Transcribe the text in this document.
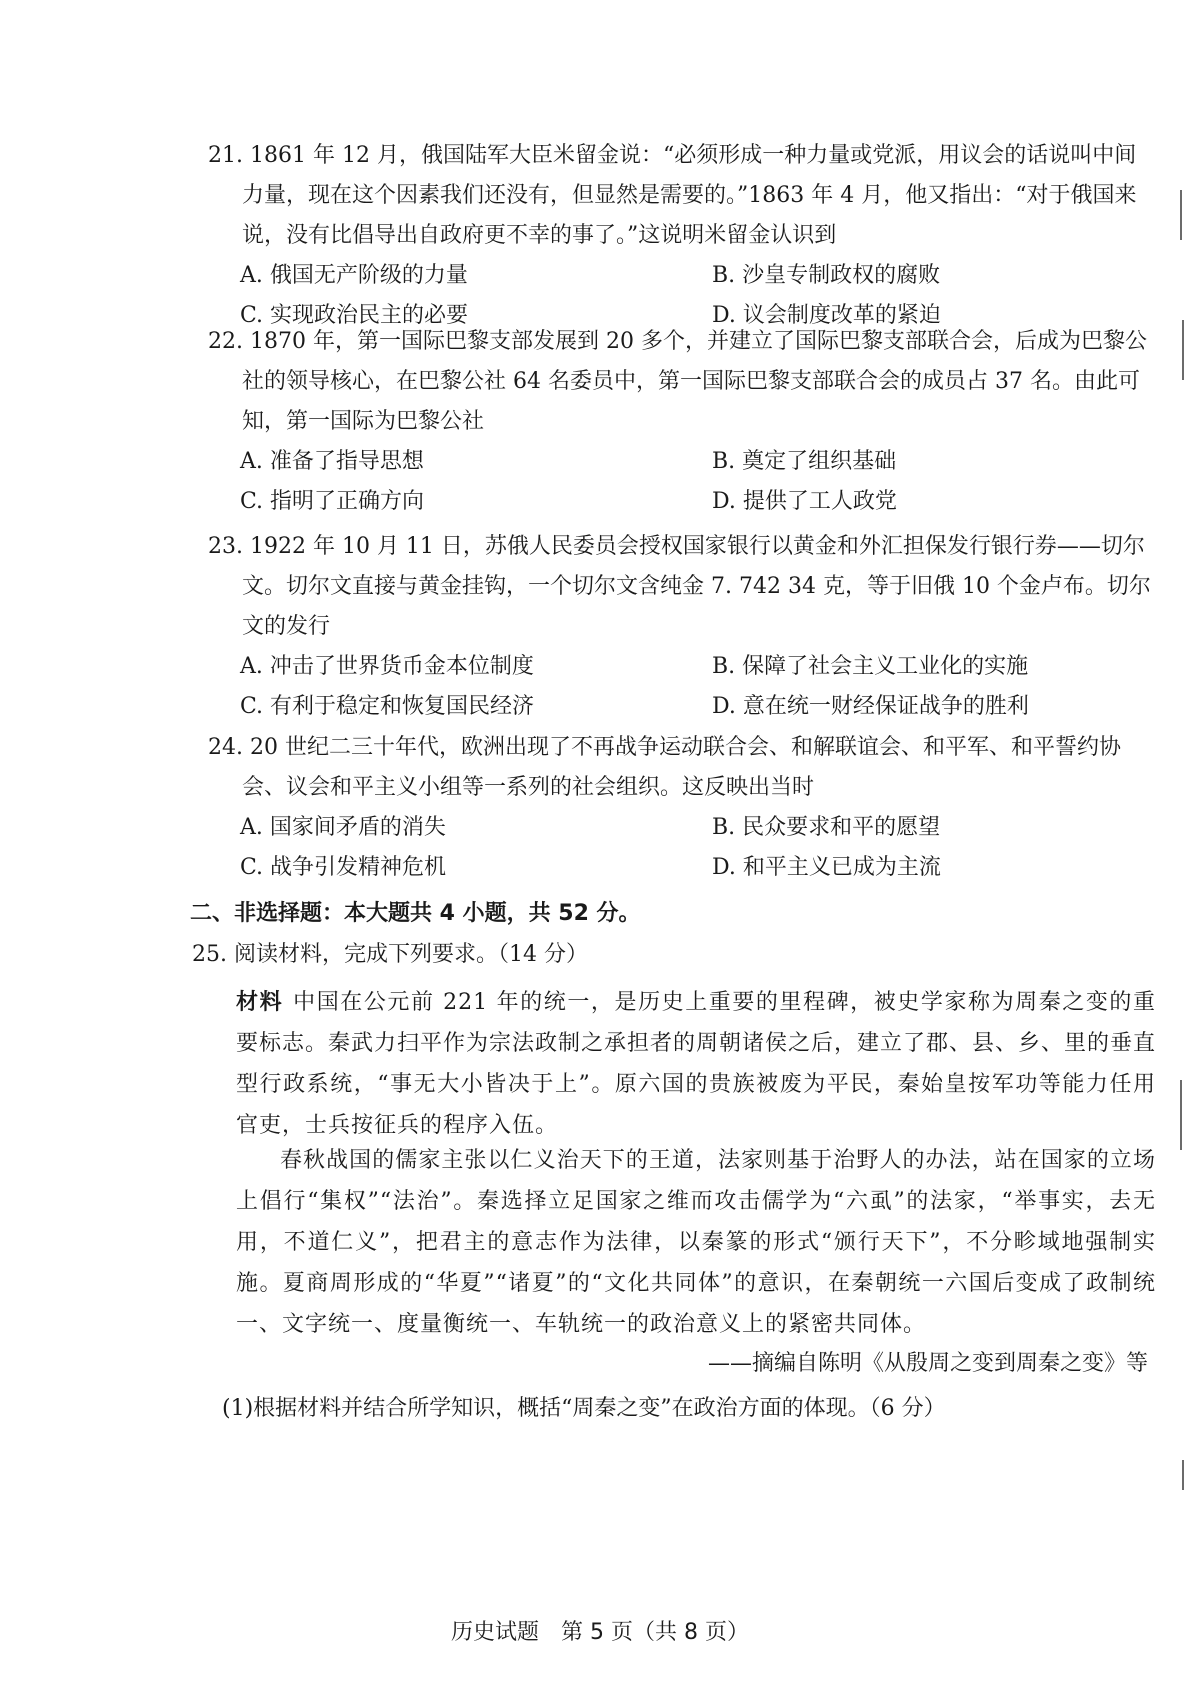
21. 1861 年 12 月，俄国陆军大臣米留金说：“必须形成一种力量或党派，用议会的话说叫中间力量，现在这个因素我们还没有，但显然是需要的。”1863 年 4 月，他又指出：“对于俄国来说，没有比倡导出自政府更不幸的事了。”这说明米留金认识到
A. 俄国无产阶级的力量	B. 沙皇专制政权的腐败
C. 实现政治民主的必要	D. 议会制度改革的紧迫
22. 1870 年，第一国际巴黎支部发展到 20 多个，并建立了国际巴黎支部联合会，后成为巴黎公社的领导核心，在巴黎公社 64 名委员中，第一国际巴黎支部联合会的成员占 37 名。由此可知，第一国际为巴黎公社
A. 准备了指导思想	B. 奠定了组织基础
C. 指明了正确方向	D. 提供了工人政党
23. 1922 年 10 月 11 日，苏俄人民委员会授权国家银行以黄金和外汇担保发行银行券——切尔文。切尔文直接与黄金挂钩，一个切尔文含纯金 7. 742 34 克，等于旧俄 10 个金卢布。切尔文的发行
A. 冲击了世界货币金本位制度	B. 保障了社会主义工业化的实施
C. 有利于稳定和恢复国民经济	D. 意在统一财经保证战争的胜利
24. 20 世纪二三十年代，欧洲出现了不再战争运动联合会、和解联谊会、和平军、和平誓约协会、议会和平主义小组等一系列的社会组织。这反映出当时
A. 国家间矛盾的消失	B. 民众要求和平的愿望
C. 战争引发精神危机	D. 和平主义已成为主流
二、非选择题：本大题共 4 小题，共 52 分。
25. 阅读材料，完成下列要求。（14 分）
材料 中国在公元前 221 年的统一，是历史上重要的里程碑，被史学家称为周秦之变的重要标志。秦武力扫平作为宗法政制之承担者的周朝诸侯之后，建立了郡、县、乡、里的垂直型行政系统，“事无大小皆决于上”。原六国的贵族被废为平民，秦始皇按军功等能力任用官吏，士兵按征兵的程序入伍。
春秋战国的儒家主张以仁义治天下的王道，法家则基于治野人的办法，站在国家的立场上倡行“集权”“法治”。秦选择立足国家之维而攻击儒学为“六虱”的法家，“举事实，去无用，不道仁义”，把君主的意志作为法律，以秦篆的形式“颁行天下”，不分畛域地强制实施。夏商周形成的“华夏”“诸夏”的“文化共同体”的意识，在秦朝统一六国后变成了政制统一、文字统一、度量衡统一、车轨统一的政治意义上的紧密共同体。
——摘编自陈明《从殷周之变到周秦之变》等
(1)根据材料并结合所学知识，概括“周秦之变”在政治方面的体现。（6 分）
历史试题　第 5 页（共 8 页）
